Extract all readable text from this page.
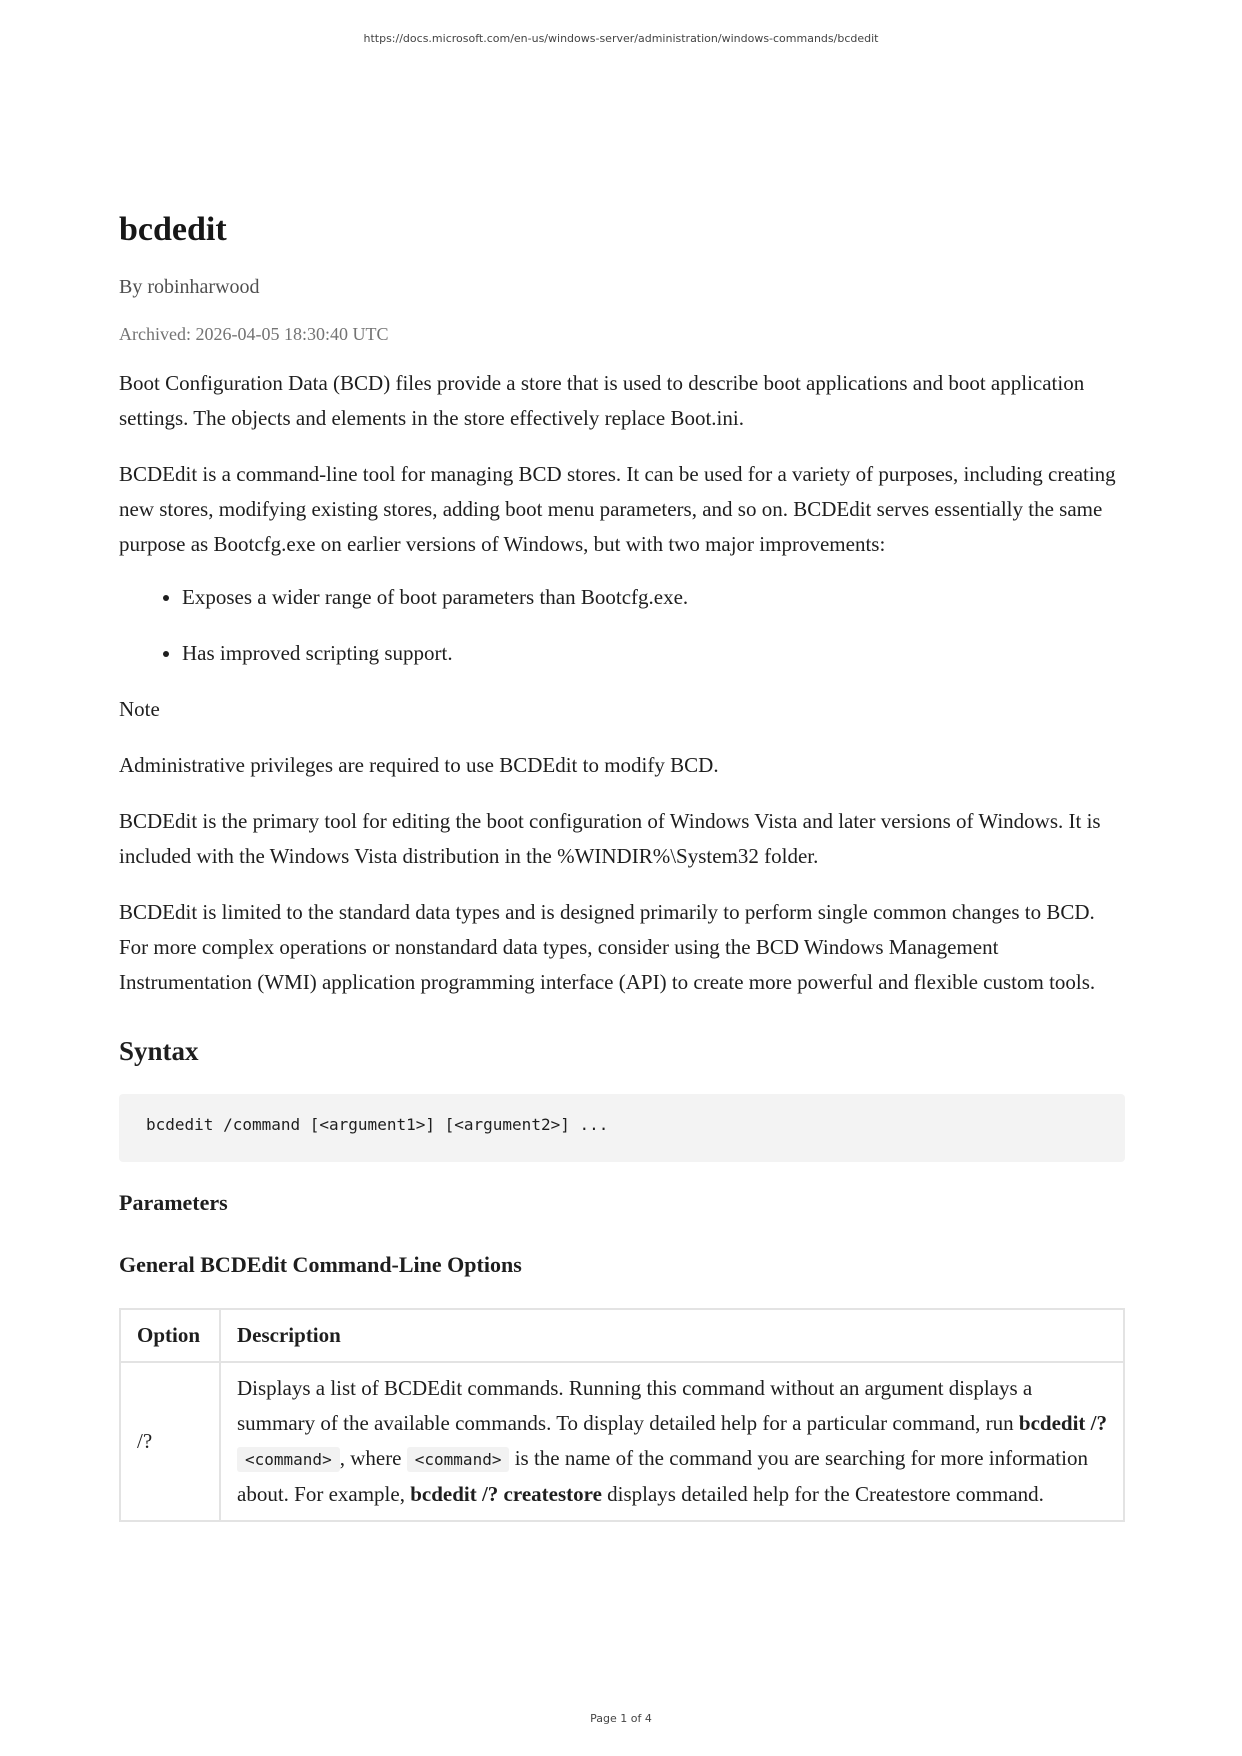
https://docs.microsoft.com/en-us/windows-server/administration/windows-commands/bcdedit
bcdedit
By robinharwood
Archived: 2026-04-05 18:30:40 UTC

Boot Configuration Data (BCD) files provide a store that is used to describe boot applications and boot application settings. The objects and elements in the store effectively replace Boot.ini.

BCDEdit is a command-line tool for managing BCD stores. It can be used for a variety of purposes, including creating new stores, modifying existing stores, adding boot menu parameters, and so on. BCDEdit serves essentially the same purpose as Bootcfg.exe on earlier versions of Windows, but with two major improvements:

• Exposes a wider range of boot parameters than Bootcfg.exe.
• Has improved scripting support.

Note

Administrative privileges are required to use BCDEdit to modify BCD.

BCDEdit is the primary tool for editing the boot configuration of Windows Vista and later versions of Windows. It is included with the Windows Vista distribution in the %WINDIR%\System32 folder.

BCDEdit is limited to the standard data types and is designed primarily to perform single common changes to BCD. For more complex operations or nonstandard data types, consider using the BCD Windows Management Instrumentation (WMI) application programming interface (API) to create more powerful and flexible custom tools.

Syntax
bcdedit /command [<argument1>] [<argument2>] ...
Parameters
General BCDEdit Command-Line Options
Option	Description
/?	Displays a list of BCDEdit commands. Running this command without an argument displays a summary of the available commands. To display detailed help for a particular command, run bcdedit /? <command> , where <command> is the name of the command you are searching for more information about. For example, bcdedit /? createstore displays detailed help for the Createstore command.
Page 1 of 4
